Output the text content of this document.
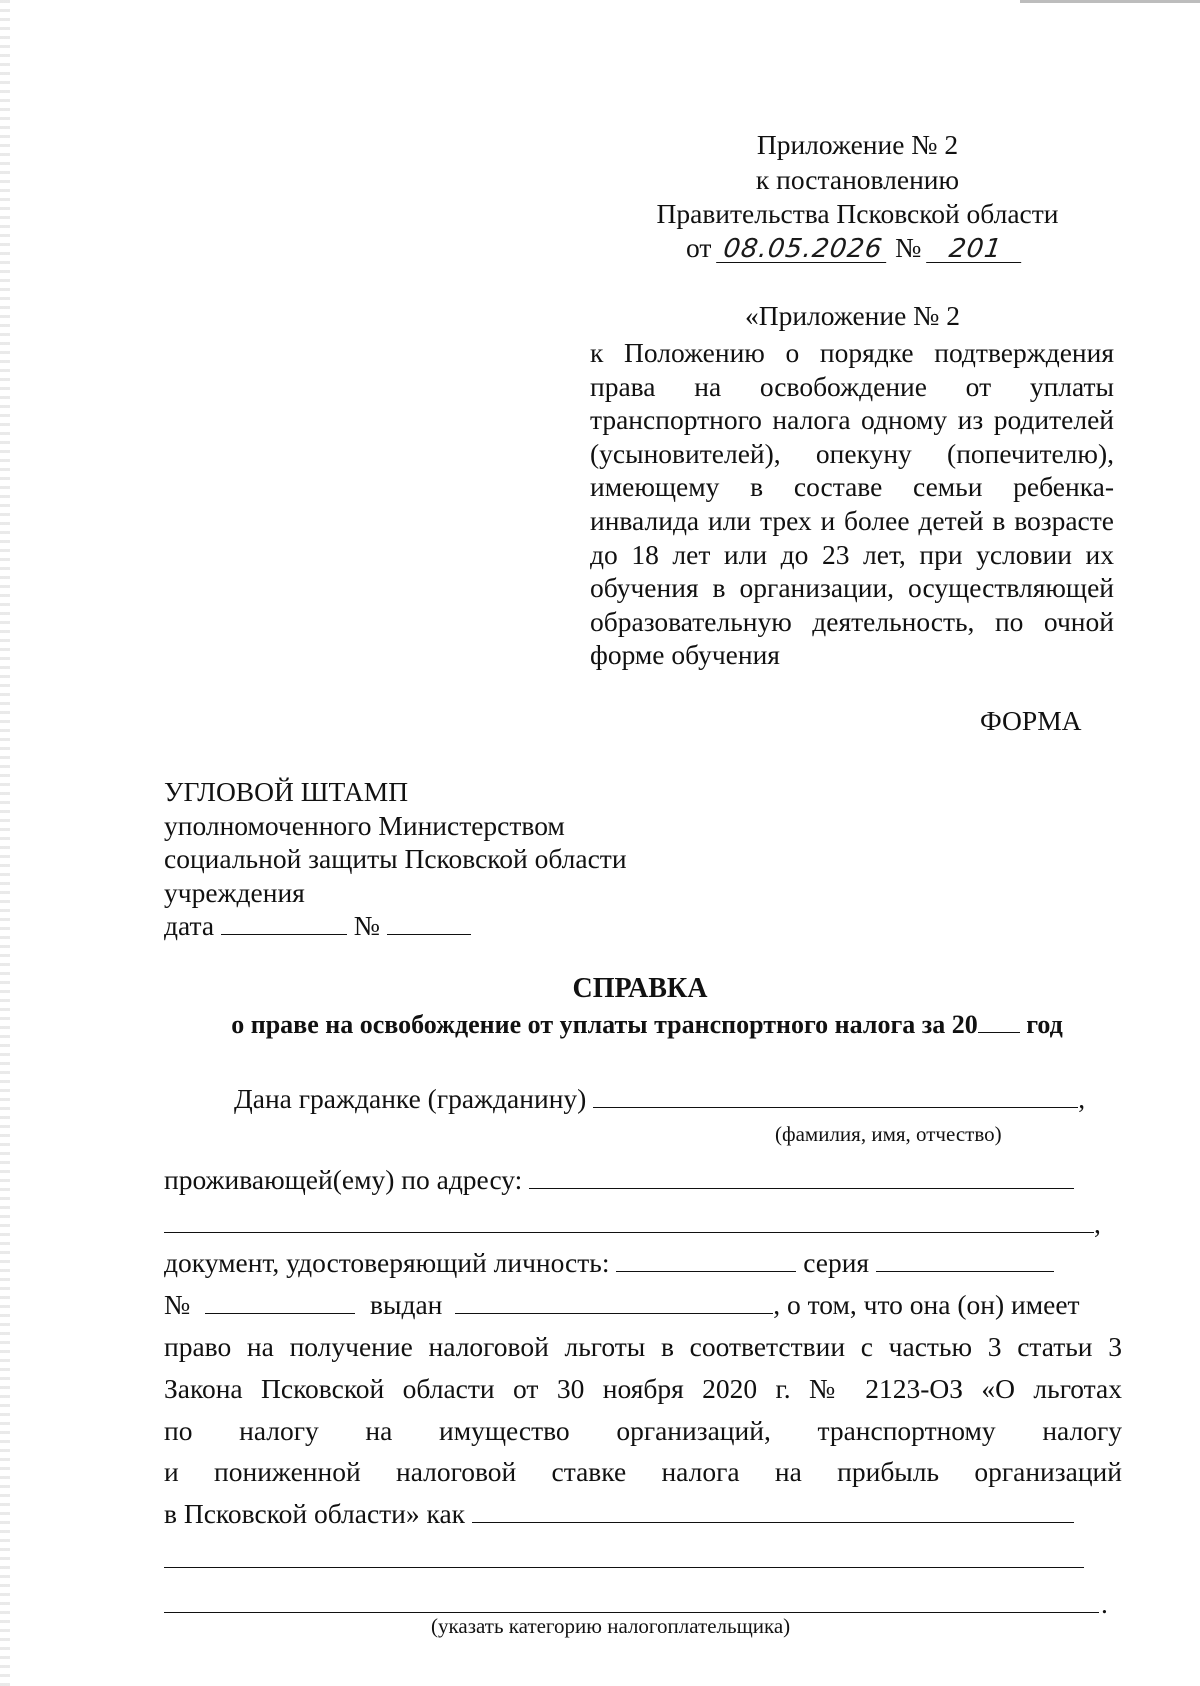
Приложение № 2
к постановлению
Правительства Псковской области
от 08.05.2026 № 201
«Приложение № 2
к Положению о порядке подтверждения права на освобождение от уплаты транспортного налога одному из родителей (усыновителей), опекуну (попечителю), имеющему в составе семьи ребенка-инвалида или трех и более детей в возрасте до 18 лет или до 23 лет, при условии их обучения в организации, осуществляющей образовательную деятельность, по очной форме обучения
ФОРМА
УГЛОВОЙ ШТАМП
уполномоченного Министерством
социальной защиты Псковской области
учреждения
дата	№
СПРАВКА
о праве на освобождение от уплаты транспортного налога за 20 год
Дана гражданке (гражданину)	,
(фамилия, имя, отчество)
проживающей(ему) по адресу:
,
документ, удостоверяющий личность:	серия
№	выдан	, о том, что она (он) имеет
право на получение налоговой льготы в соответствии с частью 3 статьи 3
Закона Псковской области от 30 ноября 2020 г. № 2123-ОЗ «О льготах
по налогу на имущество организаций, транспортному налогу
и пониженной налоговой ставке налога на прибыль организаций
в Псковской области» как
.
(указать категорию налогоплательщика)
